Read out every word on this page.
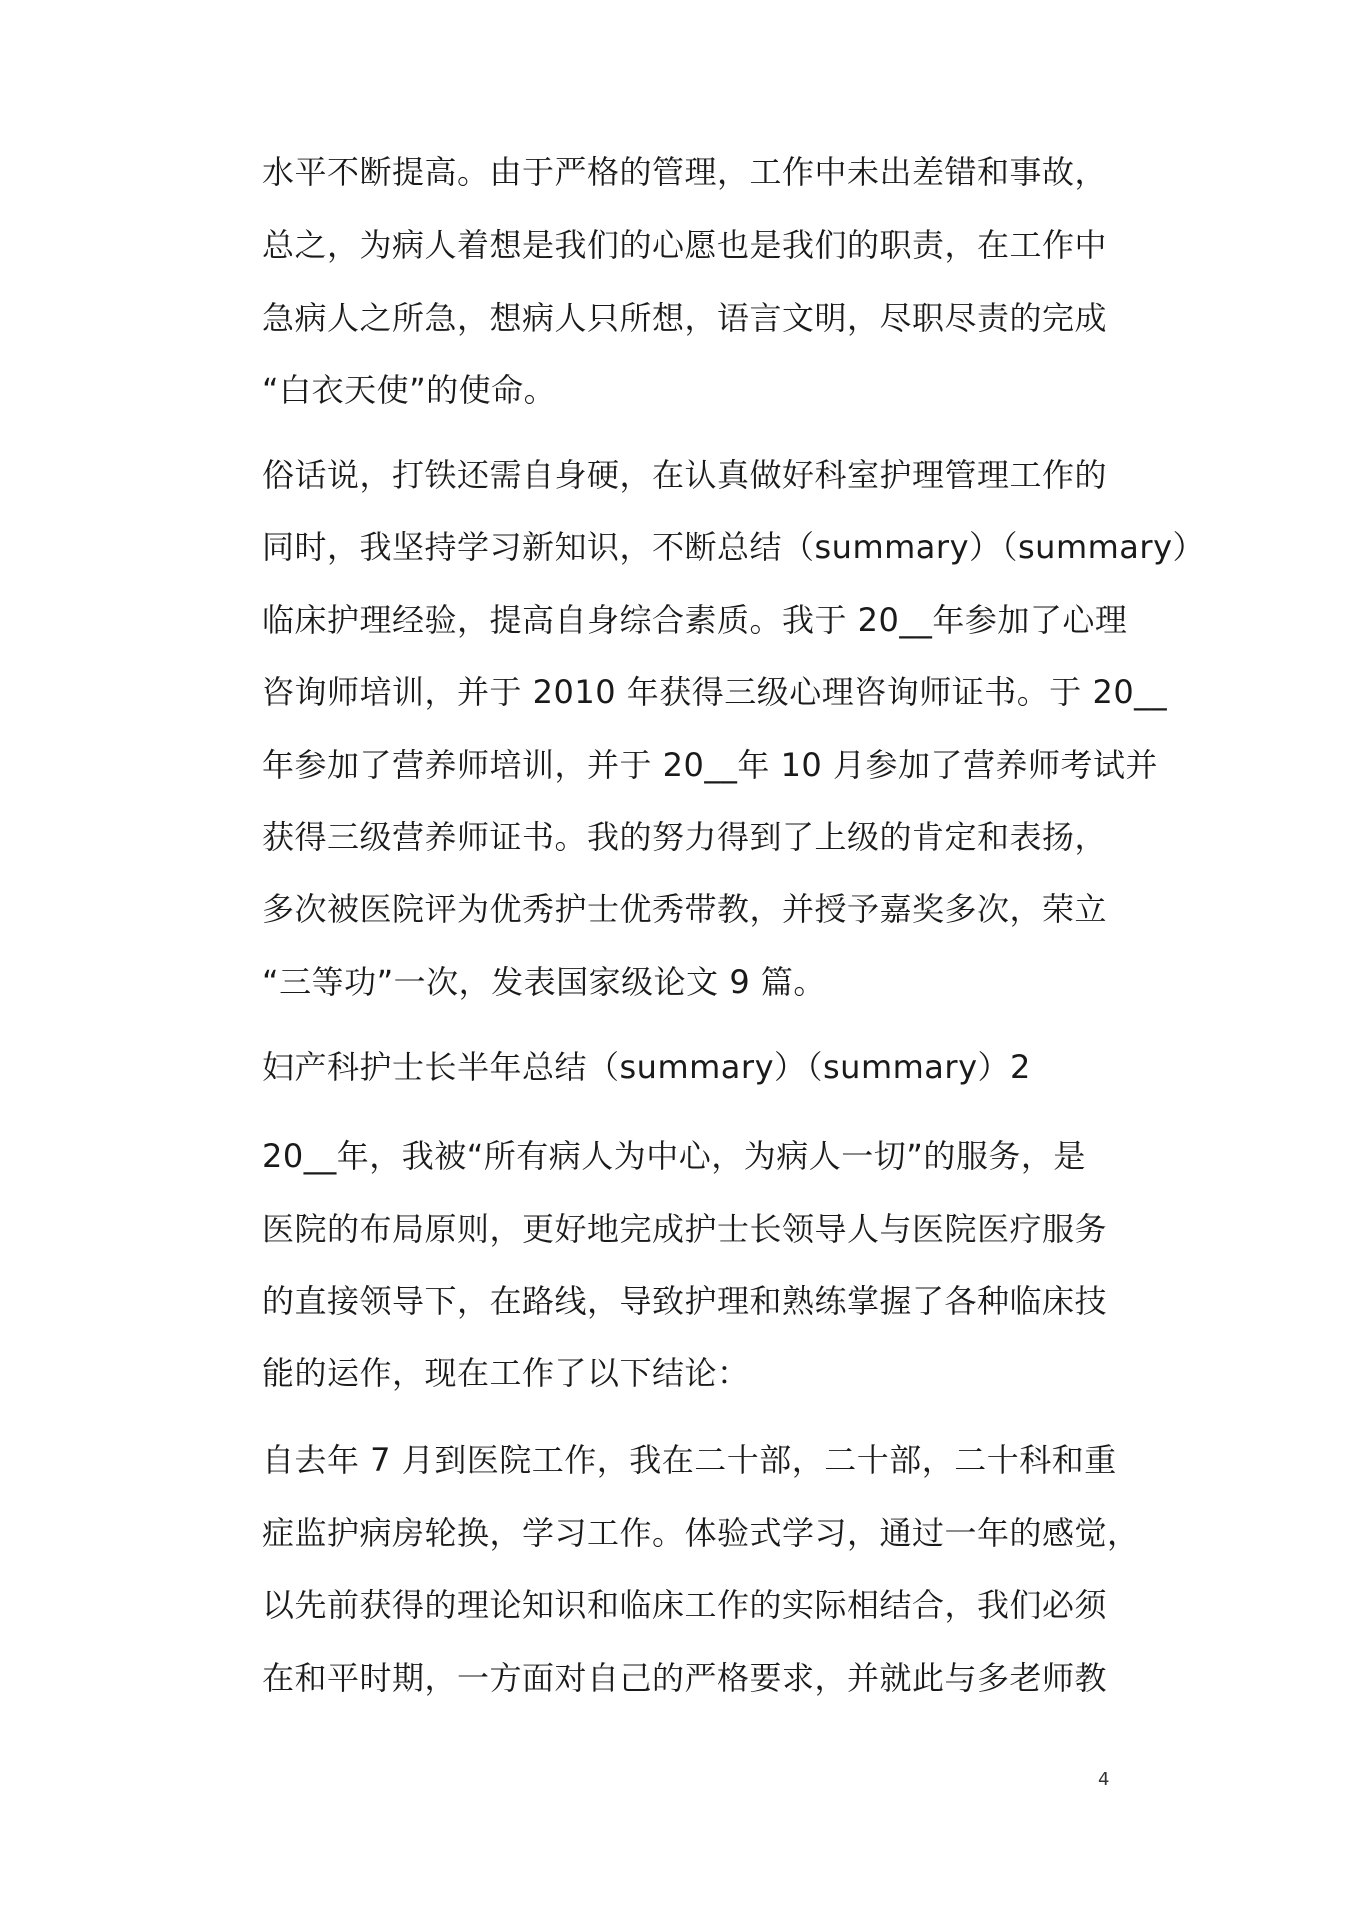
水平不断提高。由于严格的管理，工作中未出差错和事故，
总之，为病人着想是我们的心愿也是我们的职责，在工作中
急病人之所急，想病人只所想，语言文明，尽职尽责的完成
“白衣天使”的使命。
俗话说，打铁还需自身硬，在认真做好科室护理管理工作的
同时，我坚持学习新知识，不断总结（summary）（summary）
临床护理经验，提高自身综合素质。我于 20__年参加了心理
咨询师培训，并于 2010 年获得三级心理咨询师证书。于 20__
年参加了营养师培训，并于 20__年 10 月参加了营养师考试并
获得三级营养师证书。我的努力得到了上级的肯定和表扬，
多次被医院评为优秀护士优秀带教，并授予嘉奖多次，荣立
“三等功”一次，发表国家级论文 9 篇。
妇产科护士长半年总结（summary）（summary）2
20__年，我被“所有病人为中心，为病人一切”的服务，是
医院的布局原则，更好地完成护士长领导人与医院医疗服务
的直接领导下，在路线，导致护理和熟练掌握了各种临床技
能的运作，现在工作了以下结论：
自去年 7 月到医院工作，我在二十部，二十部，二十科和重
症监护病房轮换，学习工作。体验式学习，通过一年的感觉，
以先前获得的理论知识和临床工作的实际相结合，我们必须
在和平时期，一方面对自己的严格要求，并就此与多老师教
4
